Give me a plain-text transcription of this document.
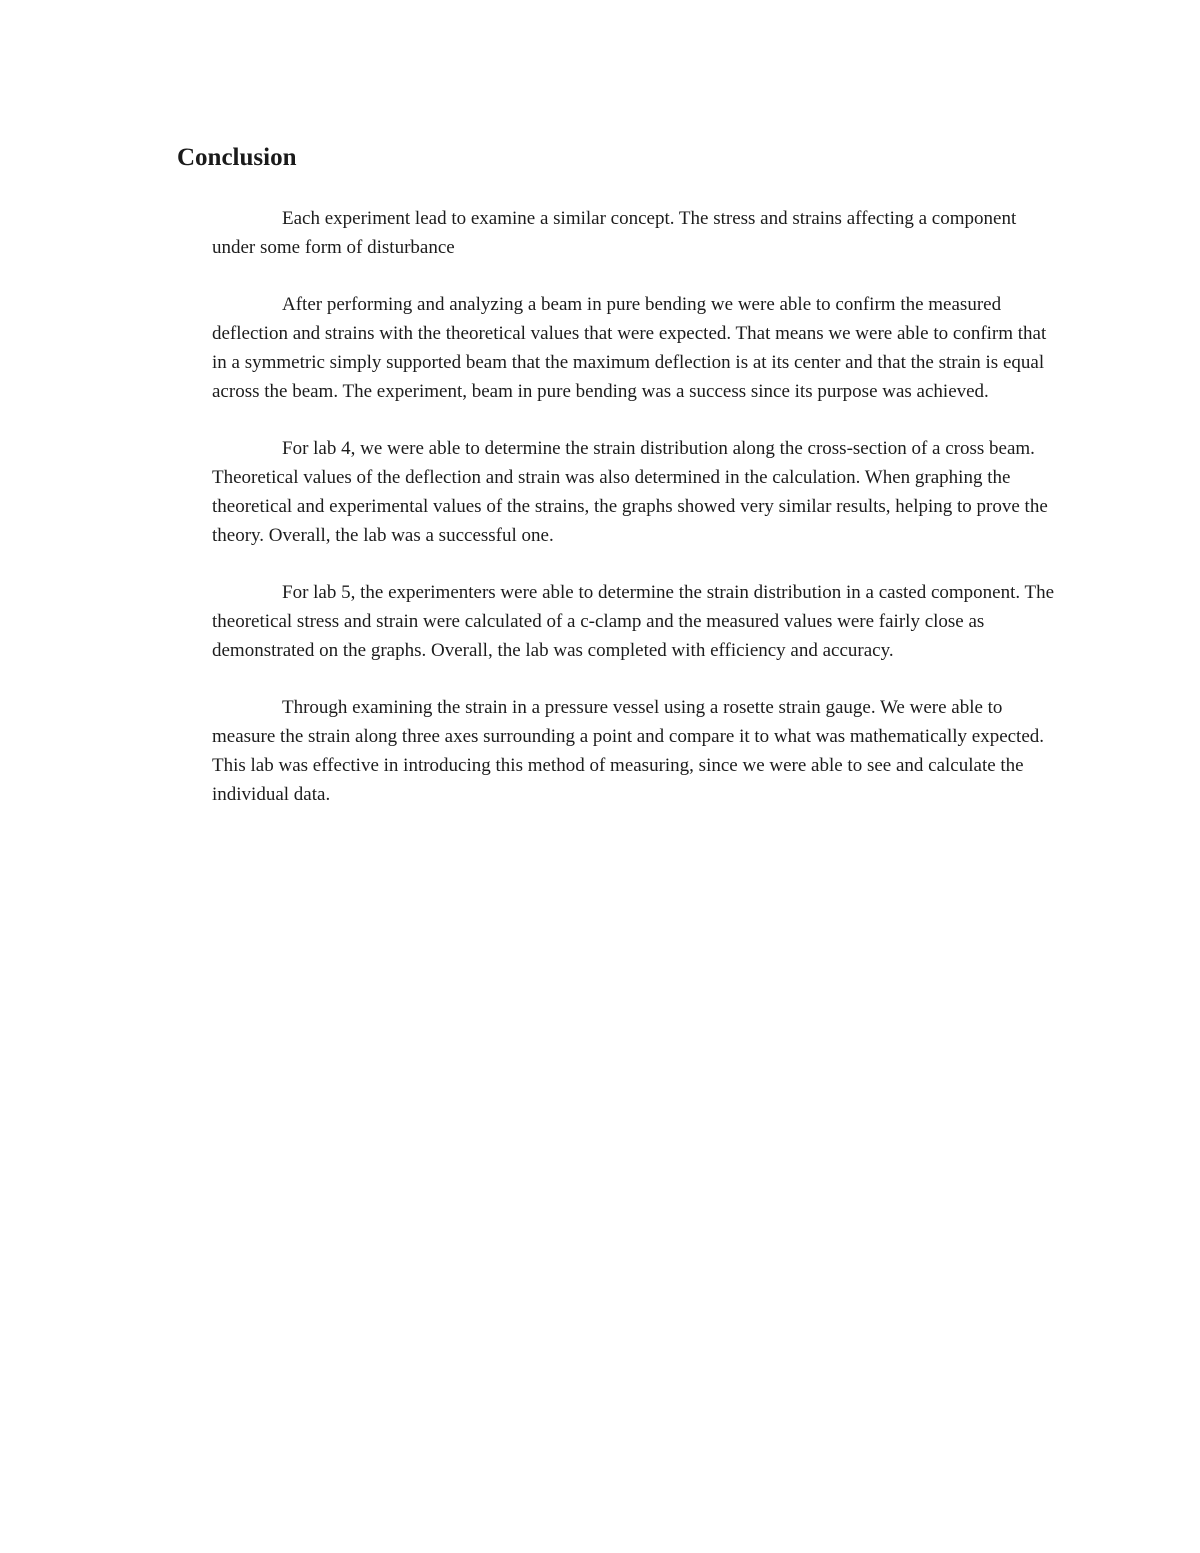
Conclusion

Each experiment lead to examine a similar concept. The stress and strains affecting a component under some form of disturbance

After performing and analyzing a beam in pure bending we were able to confirm the measured deflection and strains with the theoretical values that were expected. That means we were able to confirm that in a symmetric simply supported beam that the maximum deflection is at its center and that the strain is equal across the beam. The experiment, beam in pure bending was a success since its purpose was achieved.

For lab 4, we were able to determine the strain distribution along the cross-section of a cross beam. Theoretical values of the deflection and strain was also determined in the calculation. When graphing the theoretical and experimental values of the strains, the graphs showed very similar results, helping to prove the theory. Overall, the lab was a successful one.

For lab 5, the experimenters were able to determine the strain distribution in a casted component. The theoretical stress and strain were calculated of a c-clamp and the measured values were fairly close as demonstrated on the graphs. Overall, the lab was completed with efficiency and accuracy.

Through examining the strain in a pressure vessel using a rosette strain gauge. We were able to measure the strain along three axes surrounding a point and compare it to what was mathematically expected. This lab was effective in introducing this method of measuring, since we were able to see and calculate the individual data.
